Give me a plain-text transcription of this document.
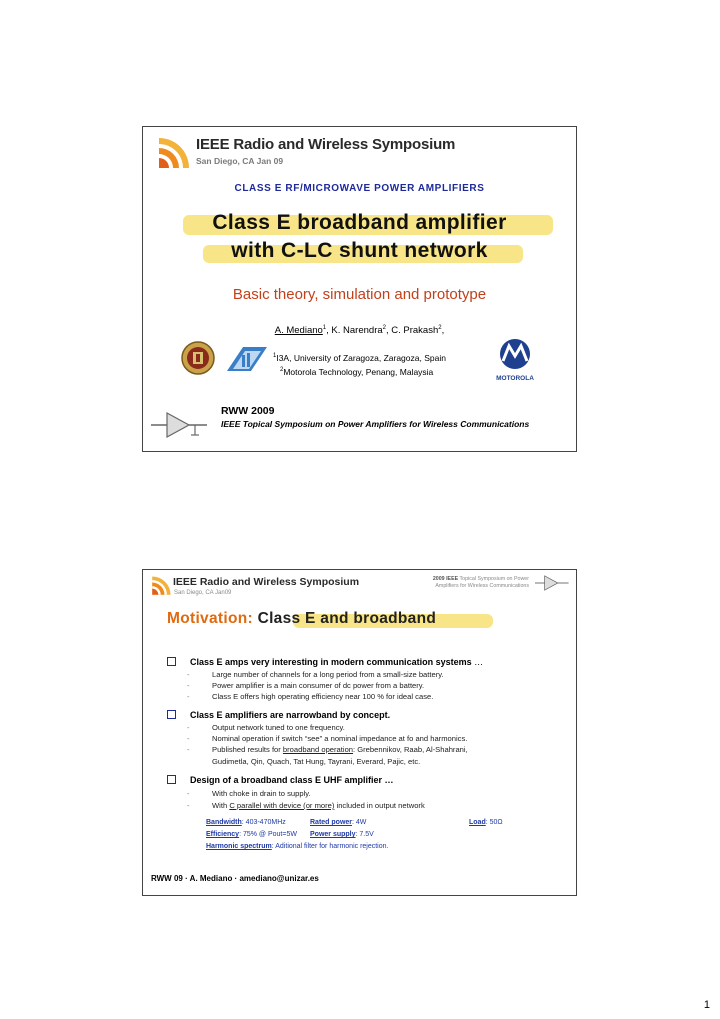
IEEE Radio and Wireless Symposium
San Diego, CA Jan 09
CLASS E RF/MICROWAVE POWER AMPLIFIERS
Class E broadband amplifier
with C-LC shunt network
Basic theory, simulation and prototype
A. Mediano$^1$, K. Narendra$^2$, C. Prakash$^2$,
$^1$I3A, University of Zaragoza, Zaragoza, Spain
$^2$Motorola Technology, Penang, Malaysia
MOTOROLA
RWW 2009
IEEE Topical Symposium on Power Amplifiers for Wireless Communications
IEEE Radio and Wireless Symposium
San Diego, CA Jan09
2009 IEEE Topical Symposium on Power
Amplifiers for Wireless Communications
Motivation: Class E and broadband
Class E amps very interesting in modern communication systems …
-	Large number of channels for a long period from a small-size battery.
-	Power amplifier is a main consumer of dc power from a battery.
-	Class E offers high operating efficiency near 100 % for ideal case.
Class E amplifiers are narrowband by concept.
-	Output network tuned to one frequency.
-	Nominal operation if switch “see” a nominal impedance at fo and harmonics.
-	Published results for broadband operation: Grebennikov, Raab, Al-Shahrani,
Gudimetla, Qin, Quach, Tat Hung, Tayrani, Everard, Pajic, etc.
Design of a broadband class E UHF amplifier …
-	With choke in drain to supply.
-	With C parallel with device (or more) included in output network
Bandwidth: 403-470MHz	Rated power: 4W	Load: 50Ω
Efficiency: 75% @ Pout=5W Power supply: 7.5V
Harmonic spectrum: Aditional filter for harmonic rejection.
RWW 09 · A. Mediano · amediano@unizar.es
1
